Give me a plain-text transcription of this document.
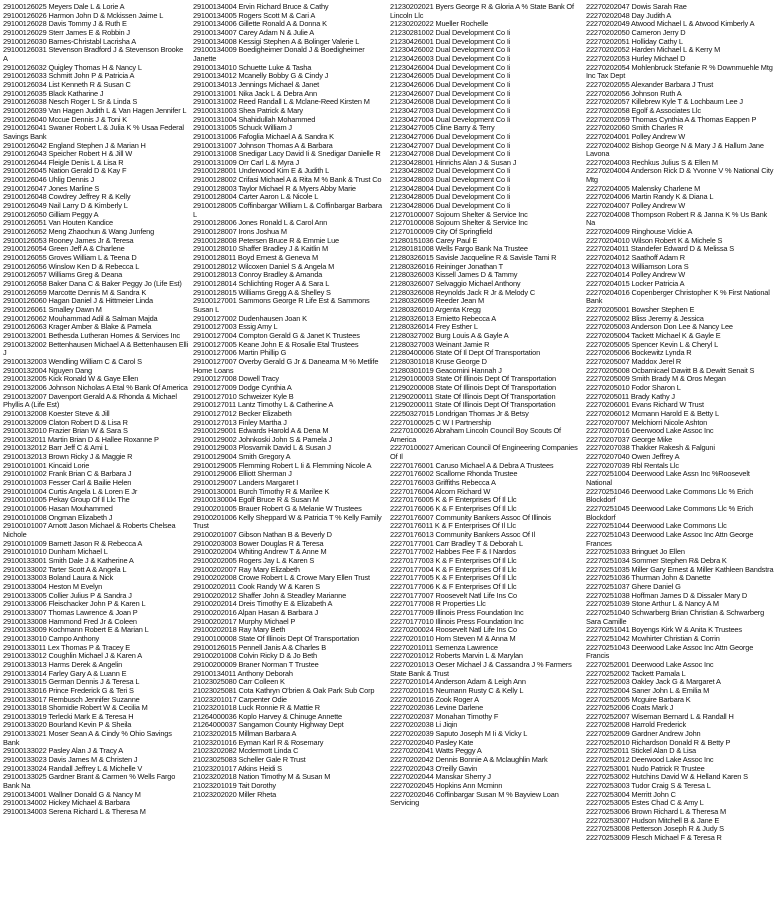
29100126025 Meyers Dale L & Lorie A
29100126026 Harmon John D & Mckissen Jaime L
29100126028 Davis Tommy J & Ruth E
29100126029 Sterr James E & Robbin J
29100126030 Barnes-Christabl Lacrisha A
29100126031 Stevenson Bradford J & Stevenson Brooke A
29100126032 Quigley Thomas H & Nancy L
29100126033 Schmitt John P & Patricia A
29100126034 List Kenneth R & Susan C
29100126035 Black Katharine J
29100126038 Nesch Roger L Sr & Linda S
29100126039 Van Hagen Judith L & Van Hagen Jennifer L
29100126040 Mccue Dennis J & Toni K
29100126041 Swaner Robert L & Julia K % Usaa Federal Savings Bank
29100126042 England Stephen J & Marian H
29100126043 Speicher Robert H & Jill W
29100126044 Fleigle Denis L & Lisa R
29100126045 Nation Gerald D & Kay F
29100126046 Uhlig Dennis J
29100126047 Jones Marline S
29100126048 Cowdrey Jeffrey R & Kelly
29100126049 Nail Larry D & Kimberly L
29100126050 Gilliam Peggy A
29100126051 Van Houten Kandice
29100126052 Meng Zhaochun & Wang Junfeng
29100126053 Rooney James Jr & Teresa
29100126054 Green Jeff A & Charlene
29100126055 Groves William L & Teena D
29100126056 Winslow Ken D & Rebecca L
29100126057 Williams Greg & Deana
29100126058 Baker Dana C & Baker Peggy Jo (Life Est)
29100126059 Marcotte Dennis M & Sandra K
29100126060 Hagan Daniel J & Hittmeier Linda
29100126061 Smalley Dawn M
29100126062 Mouhammad Adil & Salman Majda
29100126063 Krager Amber & Blake & Pamela
29100132001 Bethesda Lutheran Homes & Services Inc
29100132002 Bettenhausen Michael A & Bettenhausen Elli J
29100132003 Wendling William C & Carol S
29100132004 Nguyen Dang
29100132005 Kick Ronald W & Gaye Ellen
29100132006 Johnson Nicholas A Etal % Bank Of America
29100132007 Davenport Gerald A & Rhonda & Michael Phyllis A (Life Est)
29100132008 Koester Steve & Jill
29100132009 Claton Robert D & Lisa R
29100132010 Frazier Brian W & Sara S
29100132011 Martin Brian D & Hallee Roxanne P
29100132012 Barr Jeff C & Ami L
29100132013 Brown Ricky J & Maggie R
29100101001 Kincaid Lorie
29100101002 Frank Brian C & Barbara J
29100101003 Fesser Carl & Bailie Helen
29100101004 Curtis Angela L & Loren E Jr
29100101005 Pekay Group Of Il Llc The
29100101006 Hasan Mouhammed
29100101008 Ongman Elizabeth J
29100101007 Arnott Jason Michael & Roberts Chelsea Nichole
29100101009 Barnett Jason R & Rebecca A
29100101010 Dunham Michael L
29100133001 Smith Dale J & Katherine A
29100133002 Tarter Scott A & Angela L
29100133003 Boland Laura & Nick
29100133004 Heston M Evelyn
29100133005 Collier Julius P & Sandra J
29100133006 Fleischacker John P & Karen L
29100133007 Thomas Lawrence & Joan P
29100133008 Hammond Fred Jr & Coleen
29100133009 Kochmann Robert E & Marian L
29100133010 Campo Anthony
29100133011 Lex Thomas P & Tracey E
29100133012 Coughlin Michael J & Karen A
29100133013 Harms Derek & Angelin
29100133014 Farley Gary A & Luann E
29100133015 German Dennis J & Teresa L
29100133016 Prince Frederick G & Teri S
29100133017 Rembusch Jennifer Suzanne
29100133018 Shomidie Robert W & Cecilia M
29100133019 Terlecki Mark E & Teresa H
29100133020 Bourland Kevin P & Sheila
29100133021 Moser Sean A & Cindy % Ohio Savings Bank
29100133022 Pasley Alan J & Tracy A
29100133023 Davis James M & Christen J
29100133024 Randall Jeffrey L & Michelle V
29100133025 Gardner Brant & Carmen % Wells Fargo Bank Na
29100134001 Wallner Donald G & Nancy M
29100134002 Hickey Michael & Barbara
29100134003 Serena Richard L & Theresa M
29100134004 Ervin Richard Bruce & Cathy
29100134005 Rogers Scott M & Cari A
29100134006 Gillette Ronald A & Donna K
29100134007 Carey Adam N & Julie A
29100134008 Kessigi Stephen A & Bolinger Valerie L
29100134009 Boedigheimer Donald J & Boedigheimer Janette
29100134010 Schuette Luke & Tasha
29100134012 Mcanelly Bobby G & Cindy J
29100134013 Jennings Michael & Janet
29100131001 Nika Jack L & Debra Ann
29100131002 Reed Randall L & Mclane-Reed Kirsten M
29100131003 Shea Patrick & Mary
29100131004 Shahidullah Mohammed
29100131005 Schuck William J
29100131006 Fafoglia Michael A & Sandra K
29100131007 Johnson Thomas A & Barbara
29100131008 Snedigar Lacy David Ii & Snedigar Danielle R
29100131009 Orr Carl L & Myra J
29100128001 Underwood Kim E & Judith L
29100128002 Crifasi Michael A & Rita M % Bank & Trust Co
29100128003 Taylor Michael R & Myers Abby Marie
29100128004 Carter Aaron L & Nicole L
29100128005 Coffinbargar William L & Coffinbargar Barbara L
29100128006 Jones Ronald L & Carol Ann
29100128007 Irons Joshua M
29100128008 Petersen Bruce R & Emmie Lue
29100128010 Shaffer Bradley J & Kaitlin M
29100128011 Boyd Ernest & Geneva M
29100128012 Wilcoxen Daniel S & Angela M
29100128013 Conroy Bradley & Amanda
29100128014 Schlichting Roger A & Sara L
29100128015 Williams Gregg A & Shelley S
29100127001 Sammons George R Life Est & Sammons Susan L
29100127002 Dudenhausen Joan K
29100127003 Essig Amy L
29100127004 Compton Gerald G & Janet K Trustees
29100127005 Keane John E & Rosalie Etal Trustees
29100127006 Martin Phillip G
29100127007 Overby Gerald G Jr & Daneama M % Metlife Home Loans
29100127008 Dowell Tracy
29100127009 Dodge Cynthia A
29100127010 Schweizer Kyle B
29100127011 Lantz Timothy L & Catherine A
29100127012 Becker Elizabeth
29100127013 Finley Martha J
29100129001 Edwards Harold A & Dena M
29100129002 Johnkoski John S & Pamela J
29100129003 Plosvarnik David L & Susan J
29100129004 Smith Gregory A
29100129005 Flemming Robert L Ii & Flemming Nicole A
29100129006 Elliott Sherman J
29100129007 Landers Margaret I
29100130001 Burch Timothy R & Marilee K
29100130004 Egolf Bruce R & Susan M
29100201005 Brauer Robert G & Melanie W Trustees
29100201006 Kelly Sheppard W & Patricia T % Kelly Family Trust
29100201007 Gibson Nathan B & Beverly D
29100203003 Bower Douglas R & Teresa
29100202004 Whiting Andrew T & Anne M
29100202005 Rogers Jay L & Karen S
29100202007 Ray Mary Elizabeth
29100202008 Crowe Robert L & Crowe Mary Ellen Trust
29100202011 Cook Randy W & Karen S
29100202012 Shaffer John & Steadley Marianne
29100202014 Dreis Timothy E & Elizabeth A
29100202016 Alpan Hasan & Barbara J
29100202017 Murphy Michael P
29100202018 Ray Mary Beth
29100100008 State Of Illinois Dept Of Transportation
29100126015 Pennell Janis A & Charles B
29100201008 Colvin Ricky D & Jo Beth
29100200009 Braner Norman T Trustee
29100134011 Anthony Deborah
21023025080 Carr Colleen K
21023025081 Cota Kathryn O'brien & Oak Park Sub Corp
21023201017 Carpenter Odie
21023201018 Luck Ronnie R & Mattie R
21264000036 Koplo Harvey & Chinuge Annette
21264000037 Sangamon County Highway Dept
21023202015 Millman Barbara A
21023201016 Eyman Karl R & Rosemary
21023202082 Mcdermott Linda C
21023025083 Scheller Gale R Trust
21023201017 Atkins Heidi S
21023202018 Nation Timothy M & Susan M
21023201019 Tait Dorothy
21023202020 Miller Rheta
21230202021 Byers George R & Gloria A % State Bank Of Lincoln Llc
21230202022 Mueller Rochelle
21230281002 Dual Development Co Ii
21230426001 Dual Development Co Ii
21230426002 Dual Development Co Ii
21230426003 Dual Development Co Ii
21230426004 Dual Development Co Ii
21230426005 Dual Development Co Ii
21230426006 Dual Development Co Ii
21230426007 Dual Development Co Ii
21230426008 Dual Development Co Ii
21230427003 Dual Development Co Ii
21230427004 Dual Development Co Ii
21230427005 Cline Barry & Terry
21230427006 Dual Development Co Ii
21230427007 Dual Development Co Ii
21230427008 Dual Development Co Ii
21230428001 Hinrichs Alan J & Susan J
21230428002 Dual Development Co Ii
21230428003 Dual Development Co Ii
21230428004 Dual Development Co Ii
21230428005 Dual Development Co Ii
21230428006 Dual Development Co Ii
21270100007 Sojourn Shelter & Service Inc
21270100008 Sojourn Shelter & Service Inc
21270100009 City Of Springfield
21280151036 Carey Paul E
21280181008 Wells Fargo Bank Na Trustee
21280326015 Savisle Jacqueline R & Savisle Tami R
21280326016 Reininger Jonathan T
21280326003 Kissell James D & Tammy
21280326007 Selvaggio Michael Anthony
21280326008 Reynolds Jack R Jr & Melody C
21280326009 Reeder Jean M
21280326010 Argenta Kregg
21280326013 Ernietto Rebecca A
21280326014 Frey Esther L
21280327002 Burg Louis A & Gayle A
21280327003 Weinant Jamie R
21280400006 State Of Il Dept Of Transportation
21280301018 Kruse George D
21280301019 Geacomini Hannah J
21290100003 State Of Illinois Dept Of Transportation
21290200008 State Of Illinois Dept Of Transportation
21290200011 State Of Illinois Dept Of Transportation
21290200011 State Of Illinois Dept Of Transportation
22250327015 Londrigan Thomas Jr & Betsy
22270100025 C W I Partnership
22270100026 Abraham Lincoln Council Boy Scouts Of America
22270100027 American Council Of Engineering Companies Of Il
22270176001 Caruso Michael A & Debra A Trustees
22270176002 Scallorne Rhonda Trustee
22270176003 Griffiths Rebecca A
22270176004 Alcorn Richard W
22270176005 K & F Enterprises Of Il Llc
22270176006 K & F Enterprises Of Il Llc
22270176007 Community Bankers Assoc Of Illinois
22270176011 K & F Enterprises Of Il Llc
22270176013 Community Bankers Assoc Of Il
22270177001 Carr Bradley T & Deborah L
22270177002 Habbes Fee F & I Nardos
22270177003 K & F Enterprises Of Il Llc
22270177004 K & F Enterprises Of Il Llc
22270177005 K & F Enterprises Of Il Llc
22270177006 K & F Enterprises Of Il Llc
22270177007 Roosevelt Natl Life Ins Co
22270177008 R Properties Llc
22270177009 Illinois Press Foundation Inc
22270177010 Illinois Press Foundation Inc
22270200024 Roosevelt Natl Life Ins Co
22270201010 Horn Steven M & Anna M
22270201011 Semenza Lawrence
22270201012 Roberts Marvin L & Marylan
22270201013 Oeser Michael J & Cassandra J % Farmers State Bank & Trust
22270201014 Anderson Adam & Leigh Ann
22270201015 Neumann Rusty C & Kelly L
22270201016 Zook Roger A
22270202036 Levine Darlene
22270202037 Monahan Timothy F
22270202038 Li Jiqin
22270202039 Saputo Joseph M Ii & Vicky L
22270202040 Pasley Kate
22270202041 Watts Peggy A
22270202042 Dennis Bonnie A & Mclaughlin Mark
22270202043 O'reilly Gavin
22270202044 Manskar Sherry J
22270202045 Hopkins Ann Mcminn
22270202046 Coffinbargar Susan M % Bayview Loan Servicing
22270202047 Dowis Sarah Rae
22270202048 Day Judith A
22270202049 Atwood Michael L & Atwood Kimberly A
22270202050 Cameron Jerry D
22270202051 Holliday Cathy L
22270202052 Harden Michael L & Kerry M
22270202053 Hurley Michael D
22270202054 Mohlenbruck Stefanie R % Downmuehle Mtg Inc Tax Dept
22270202055 Alexander Barbara J Trust
22270202056 Johnson Ruth A
22270202057 Killebrew Kyle T & Lochbaum Lee J
22270202058 Egolf & Associates Llc
22270202059 Thomas Cynthia A & Thomas Eappen P
22270202060 Smith Charles R
22270204001 Polley Andrew W
22270204002 Bishop George N & Mary J & Hallum Jane Lavona
22270204003 Rechkus Julius S & Ellen M
22270204004 Anderson Rick D & Yvonne V % National City Mtg
22270204005 Malensky Charlene M
22270204006 Martin Randy K & Diana L
22270204007 Polley Andrew W
22270204008 Thompson Robert R & Janna K % Us Bank Na
22270204009 Ringhouse Vickie A
22270204010 Wilson Robert K & Michele S
22270204011 Standefer Edward D & Melissa S
22270204012 Saathoff Adam R
22270204013 Williamson Lora S
22270204014 Polley Andrew W
22270204015 Locker Patricia A
22270204016 Copenberger Christopher K % First National Bank
22270205001 Bowsher Stephen E
22270205002 Bliss Jeremy & Jessica
22270205003 Anderson Don Lee & Nancy Lee
22270205004 Tackett Michael K & Gayle E
22270205005 Spencer Kevin L & Cheryl L
22270205006 Bockewitz Lynda R
22270205007 Maddox Jerel R
22270205008 Ocbarnicael Dawitt B & Dewitt Senait S
22270205009 Smith Brady M & Oros Megan
22270205010 Fodor Sharon L
22270205011 Brady Kathy J
22270206001 Evans Richard W Trust
22270206012 Mcmann Harold E & Betty L
22270207007 Melchiorri Nicole Ashton
22270207016 Deerwood Lake Assoc Inc
22270207037 George Mike
22270207038 Thakker Rakesh & Falguni
22270207040 Owen Jeffrey A
22270207039 Rbl Rentals Llc
22270251004 Deerwood Lake Assn Inc %Roosevelt National
22270251046 Deerwood Lake Commons Llc % Erich Blockdorf
22270251045 Deerwood Lake Commons Llc % Erich Blockdorf
22270251044 Deerwood Lake Commons Llc
22270251043 Deerwood Lake Assoc Inc Attn George Frances
22270251033 Bringuet Jo Ellen
22270251034 Sommer Stephen R& Debra K
22270251035 Miller Gary Ernest & Miller Kathleen Bandstra
22270251036 Thurman John & Danette
22270251037 Ghere Daniel G
22270251038 Hoffman James D & Dissaler Mary D
22270251039 Stone Arthur L & Nancy A M
22270251040 Schwarberg Brian Christian & Schwarberg Sara Camille
22270251041 Boyengs Kirk W & Anita K Trustees
22270251042 Mcwhirter Christian & Corrin
22270251043 Deerwood Lake Assoc Inc Attn George Francis
22270252001 Deerwood Lake Assoc Inc
22270252002 Tackett Pamala L
22270252003 Oakley Jack G & Margaret A
22270252004 Saner John L & Emilia M
22270252005 Mcguire Barbara K
22270252006 Coats Mark J
22270252007 Wiseman Bernard L & Randall H
22270252008 Harrold Frederick
22270252009 Gardner Andrew John
22270252010 Richardson Donald R & Betty P
22270252011 Stickel Alan D & Lisa
22270252012 Deerwood Lake Assoc Inc
22270253001 Nudo Patrick R Trustee
22270253002 Hutchins David W & Helland Karen S
22270253003 Tudor Craig S & Teresa L
22270253004 Merritt John C
22270253005 Estes Chad C & Amy L
22270253006 Brown Richard L & Theresa M
22270253007 Hudson Mitchell B & Jane E
22270253008 Petterson Joseph R & Judy S
22270253009 Flesch Michael F & Teresa R
